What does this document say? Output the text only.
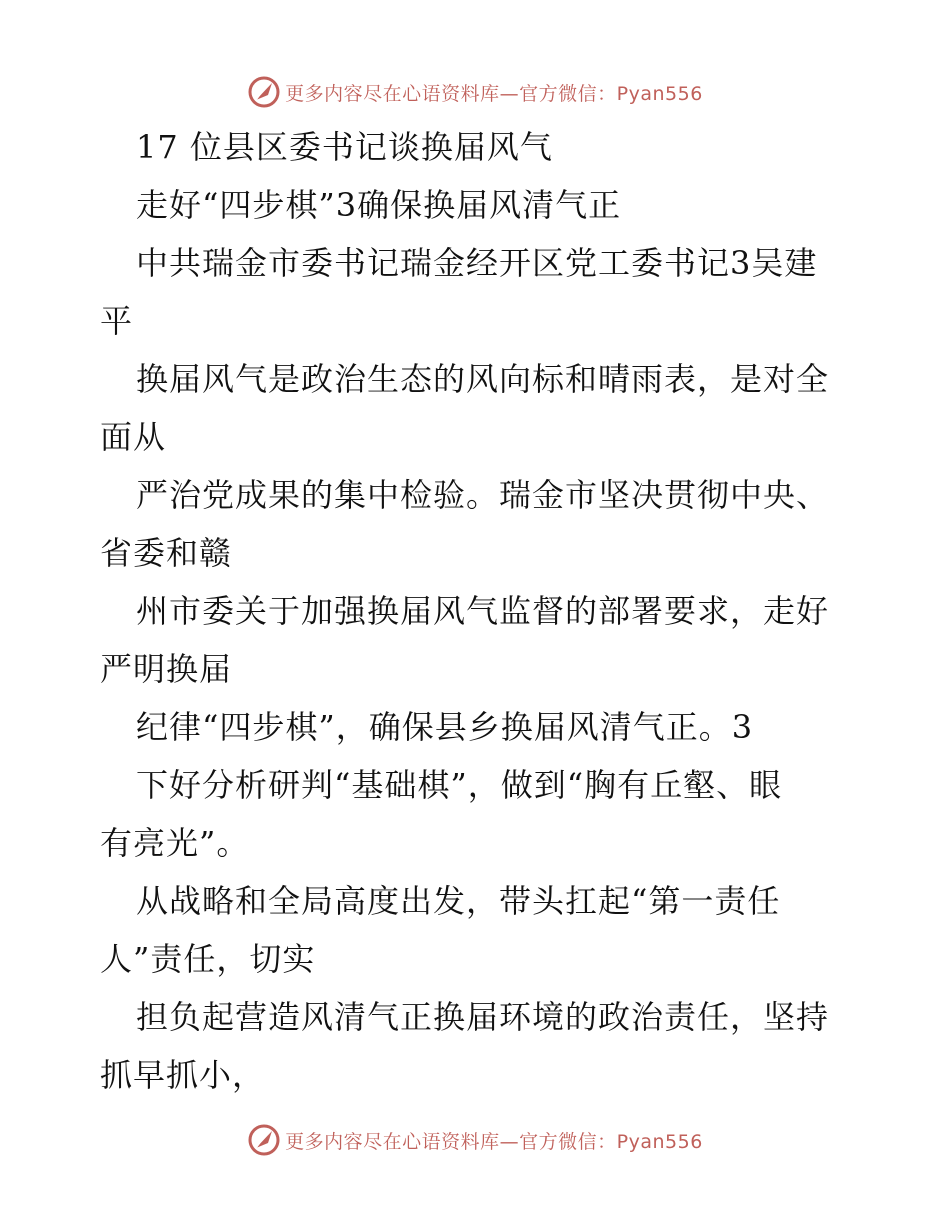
更多内容尽在心语资料库—官方微信：Pyan556
17 位县区委书记谈换届风气
走好“四步棋”3确保换届风清气正
中共瑞金市委书记瑞金经开区党工委书记3吴建
平
换届风气是政治生态的风向标和晴雨表，是对全
面从
严治党成果的集中检验。瑞金市坚决贯彻中央、
省委和赣
州市委关于加强换届风气监督的部署要求，走好
严明换届
纪律“四步棋”，确保县乡换届风清气正。3
下好分析研判“基础棋”，做到“胸有丘壑、眼
有亮光”。
从战略和全局高度出发，带头扛起“第一责任
人”责任，切实
担负起营造风清气正换届环境的政治责任，坚持
抓早抓小，
更多内容尽在心语资料库—官方微信：Pyan556
